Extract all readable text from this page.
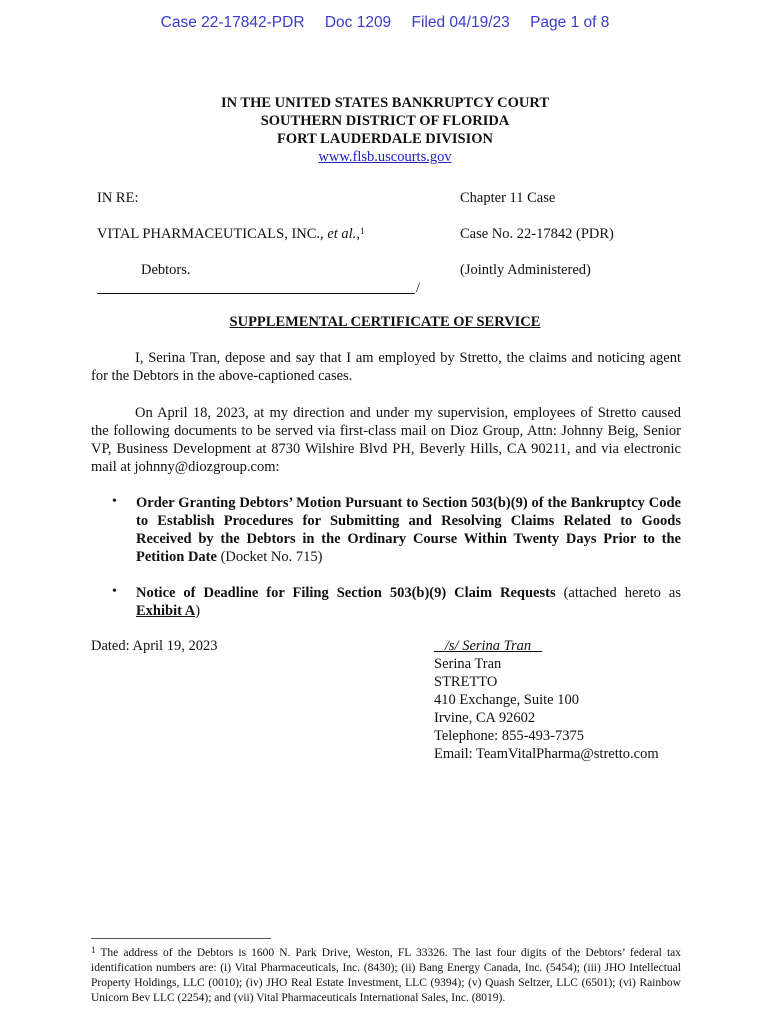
Case 22-17842-PDR Doc 1209 Filed 04/19/23 Page 1 of 8
IN THE UNITED STATES BANKRUPTCY COURT
SOUTHERN DISTRICT OF FLORIDA
FORT LAUDERDALE DIVISION
www.flsb.uscourts.gov
IN RE:
VITAL PHARMACEUTICALS, INC., et al.,$^1$
Debtors.
/
Chapter 11 Case
Case No. 22-17842 (PDR)
(Jointly Administered)
SUPPLEMENTAL CERTIFICATE OF SERVICE

I, Serina Tran, depose and say that I am employed by Stretto, the claims and noticing agent for the Debtors in the above-captioned cases.

On April 18, 2023, at my direction and under my supervision, employees of Stretto caused the following documents to be served via first-class mail on Dioz Group, Attn: Johnny Beig, Senior VP, Business Development at 8730 Wilshire Blvd PH, Beverly Hills, CA 90211, and via electronic mail at johnny@diozgroup.com:

• Order Granting Debtors’ Motion Pursuant to Section 503(b)(9) of the Bankruptcy Code to Establish Procedures for Submitting and Resolving Claims Related to Goods Received by the Debtors in the Ordinary Course Within Twenty Days Prior to the Petition Date (Docket No. 715)
• Notice of Deadline for Filing Section 503(b)(9) Claim Requests (attached hereto as Exhibit A)
Dated: April 19, 2023	/s/ Serina Tran
Serina Tran
STRETTO
410 Exchange, Suite 100
Irvine, CA 92602
Telephone: 855-493-7375
Email: TeamVitalPharma@stretto.com
$^1$ The address of the Debtors is 1600 N. Park Drive, Weston, FL 33326. The last four digits of the Debtors’ federal tax identification numbers are: (i) Vital Pharmaceuticals, Inc. (8430); (ii) Bang Energy Canada, Inc. (5454); (iii) JHO Intellectual Property Holdings, LLC (0010); (iv) JHO Real Estate Investment, LLC (9394); (v) Quash Seltzer, LLC (6501); (vi) Rainbow Unicorn Bev LLC (2254); and (vii) Vital Pharmaceuticals International Sales, Inc. (8019).
